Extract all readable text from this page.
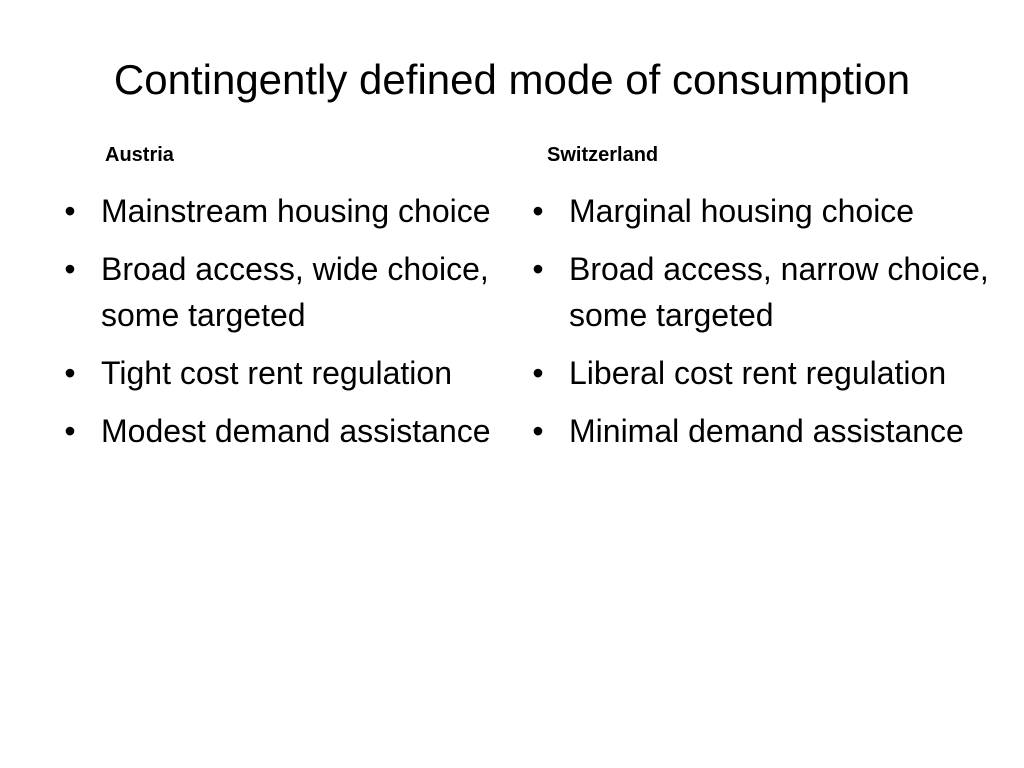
Contingently defined mode of consumption
Austria
• Mainstream housing choice
• Broad access, wide choice, some targeted
• Tight cost rent regulation
• Modest demand assistance
Switzerland
• Marginal housing choice
• Broad access, narrow choice, some targeted
• Liberal cost rent regulation
• Minimal demand assistance
